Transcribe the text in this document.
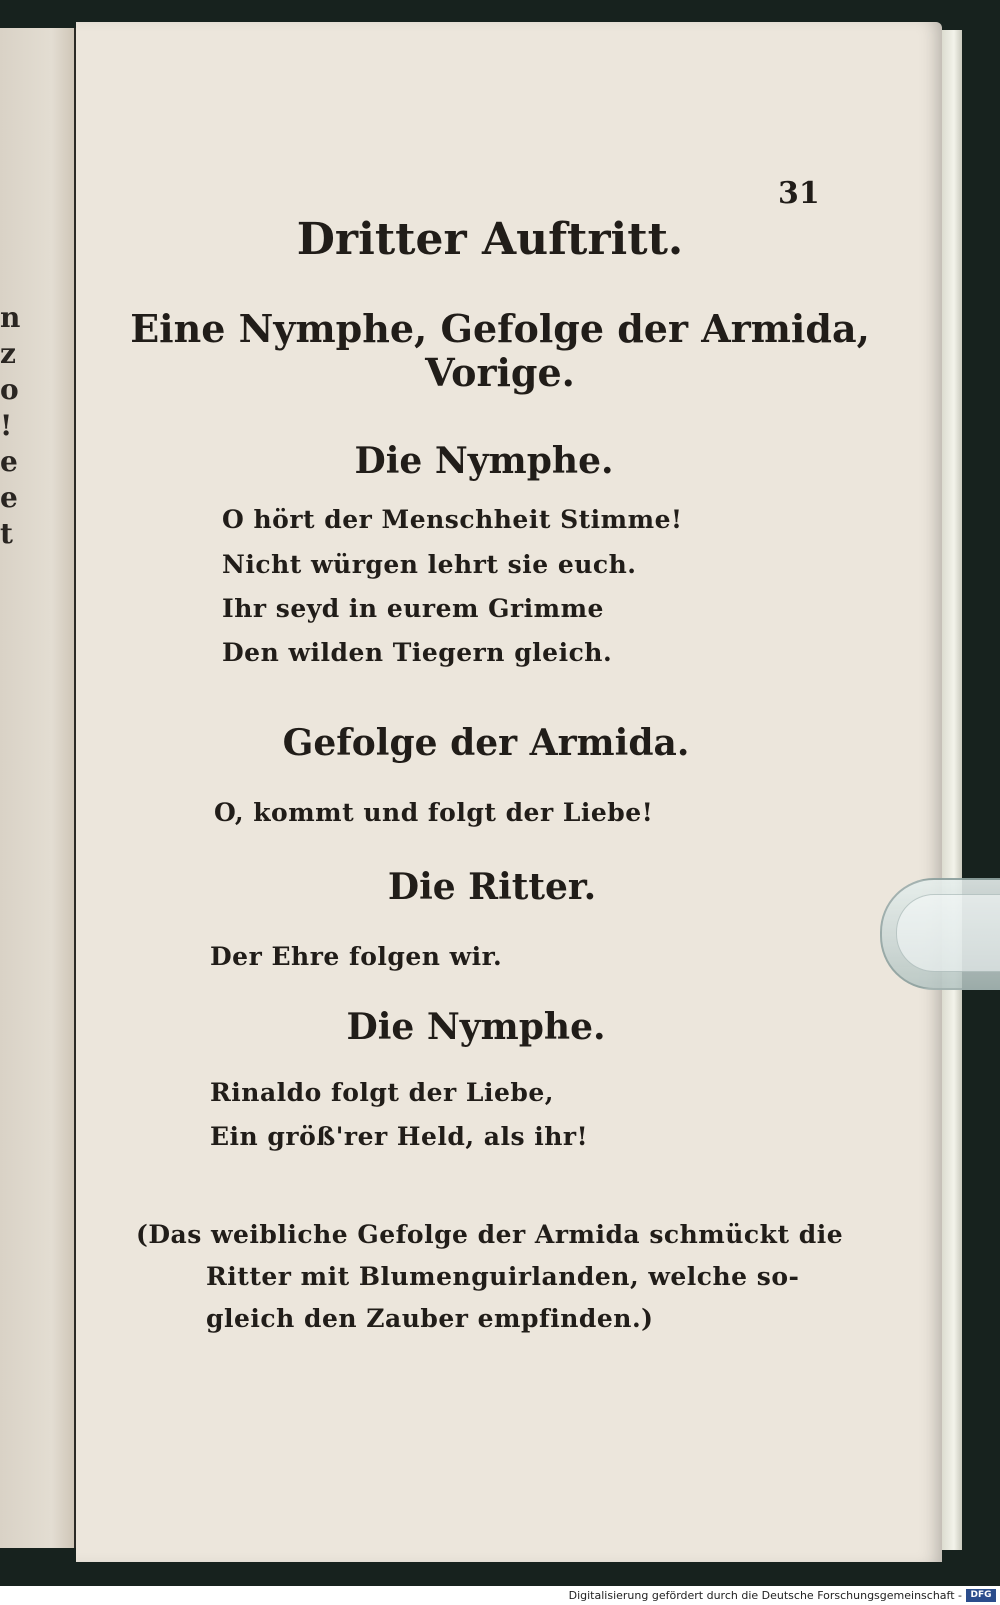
n
z
o
!
e
e
t
31
Dritter Auftritt.
Eine Nymphe, Gefolge der Armida,
Vorige.
Die Nymphe.
O hört der Menschheit Stimme!
Nicht würgen lehrt sie euch.
Ihr seyd in eurem Grimme
Den wilden Tiegern gleich.
Gefolge der Armida.
O, kommt und folgt der Liebe!
Die Ritter.
Der Ehre folgen wir.
Die Nymphe.
Rinaldo folgt der Liebe,
Ein größ'rer Held, als ihr!
(Das weibliche Gefolge der Armida schmückt die
Ritter mit Blumenguirlanden, welche so-
gleich den Zauber empfinden.)
Digitalisierung gefördert durch die Deutsche Forschungsgemeinschaft - DFG
